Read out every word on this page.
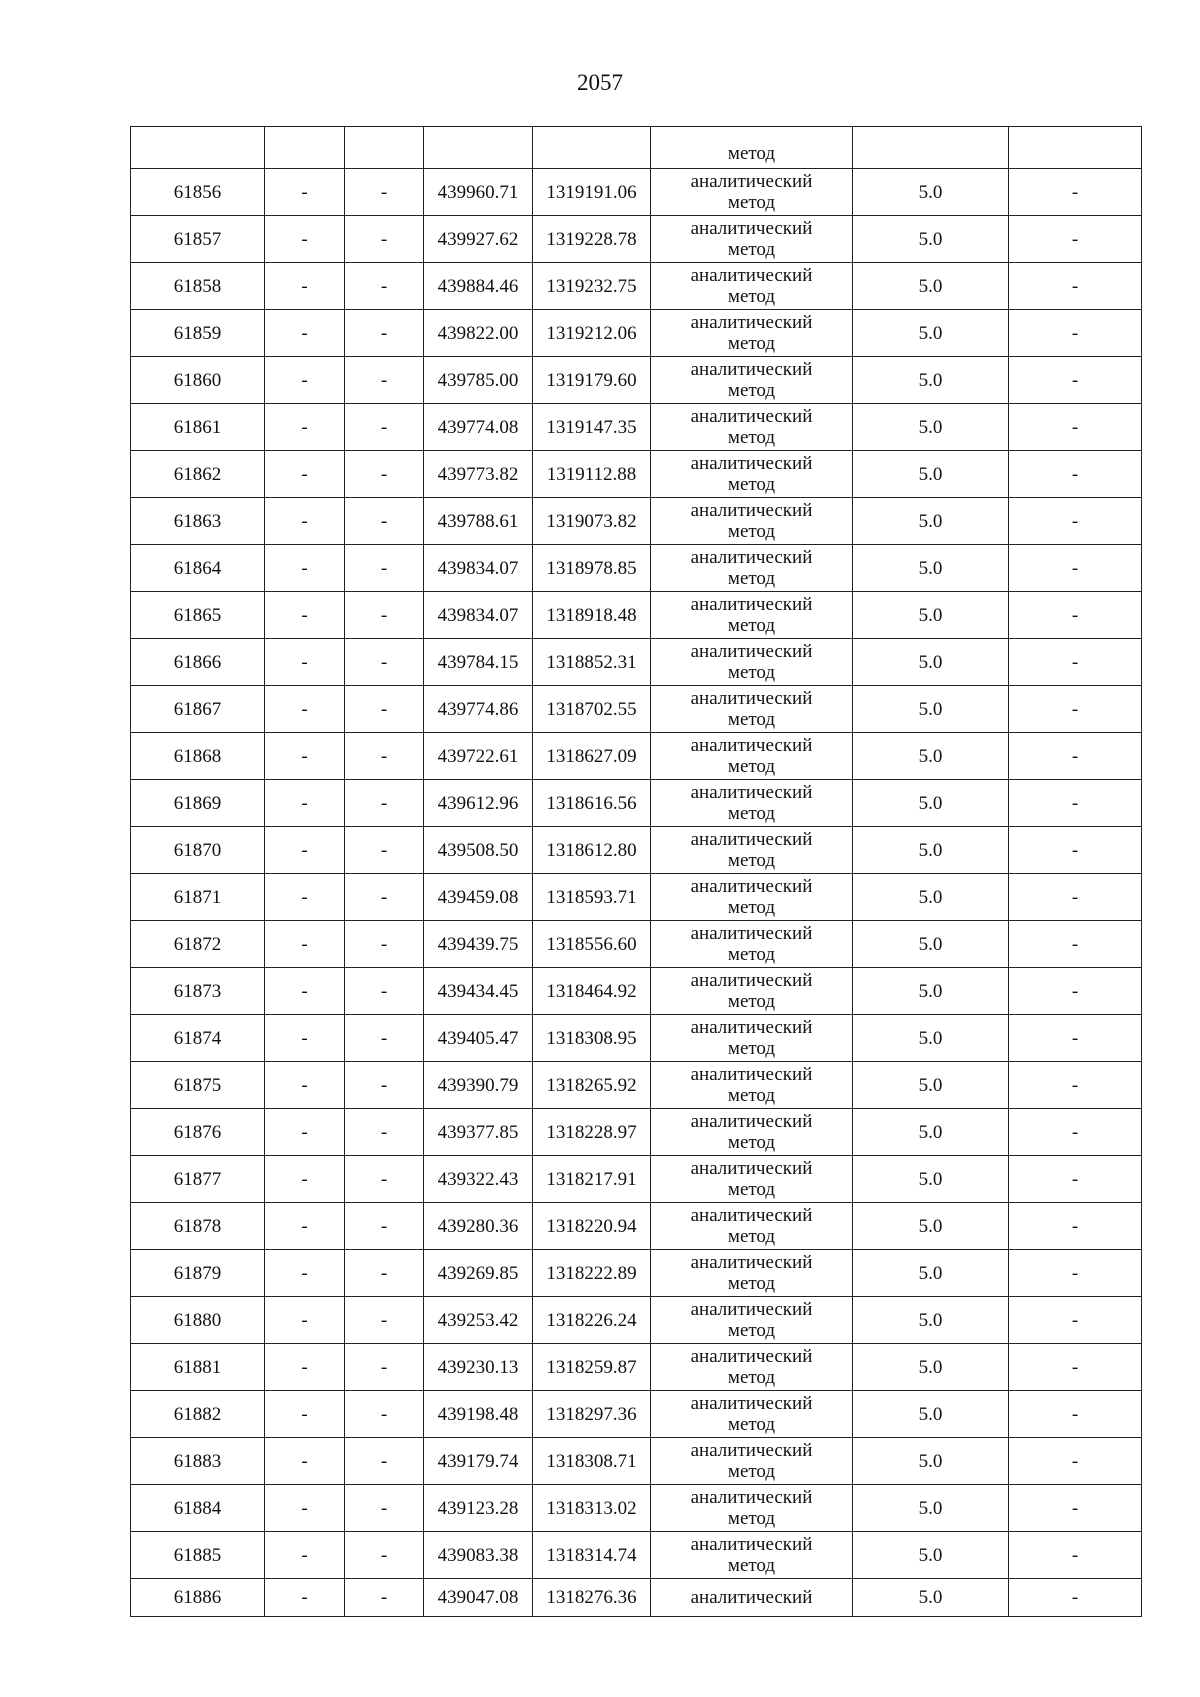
2057

					метод		

61856	-	-	439960.71	1319191.06	аналитический
метод	5.0	-
61857	-	-	439927.62	1319228.78	аналитический
метод	5.0	-
61858	-	-	439884.46	1319232.75	аналитический
метод	5.0	-
61859	-	-	439822.00	1319212.06	аналитический
метод	5.0	-
61860	-	-	439785.00	1319179.60	аналитический
метод	5.0	-
61861	-	-	439774.08	1319147.35	аналитический
метод	5.0	-
61862	-	-	439773.82	1319112.88	аналитический
метод	5.0	-
61863	-	-	439788.61	1319073.82	аналитический
метод	5.0	-
61864	-	-	439834.07	1318978.85	аналитический
метод	5.0	-
61865	-	-	439834.07	1318918.48	аналитический
метод	5.0	-
61866	-	-	439784.15	1318852.31	аналитический
метод	5.0	-
61867	-	-	439774.86	1318702.55	аналитический
метод	5.0	-
61868	-	-	439722.61	1318627.09	аналитический
метод	5.0	-
61869	-	-	439612.96	1318616.56	аналитический
метод	5.0	-
61870	-	-	439508.50	1318612.80	аналитический
метод	5.0	-
61871	-	-	439459.08	1318593.71	аналитический
метод	5.0	-
61872	-	-	439439.75	1318556.60	аналитический
метод	5.0	-
61873	-	-	439434.45	1318464.92	аналитический
метод	5.0	-
61874	-	-	439405.47	1318308.95	аналитический
метод	5.0	-
61875	-	-	439390.79	1318265.92	аналитический
метод	5.0	-
61876	-	-	439377.85	1318228.97	аналитический
метод	5.0	-
61877	-	-	439322.43	1318217.91	аналитический
метод	5.0	-
61878	-	-	439280.36	1318220.94	аналитический
метод	5.0	-
61879	-	-	439269.85	1318222.89	аналитический
метод	5.0	-
61880	-	-	439253.42	1318226.24	аналитический
метод	5.0	-
61881	-	-	439230.13	1318259.87	аналитический
метод	5.0	-
61882	-	-	439198.48	1318297.36	аналитический
метод	5.0	-
61883	-	-	439179.74	1318308.71	аналитический
метод	5.0	-
61884	-	-	439123.28	1318313.02	аналитический
метод	5.0	-
61885	-	-	439083.38	1318314.74	аналитический
метод	5.0	-
61886	-	-	439047.08	1318276.36	аналитический	5.0	-
